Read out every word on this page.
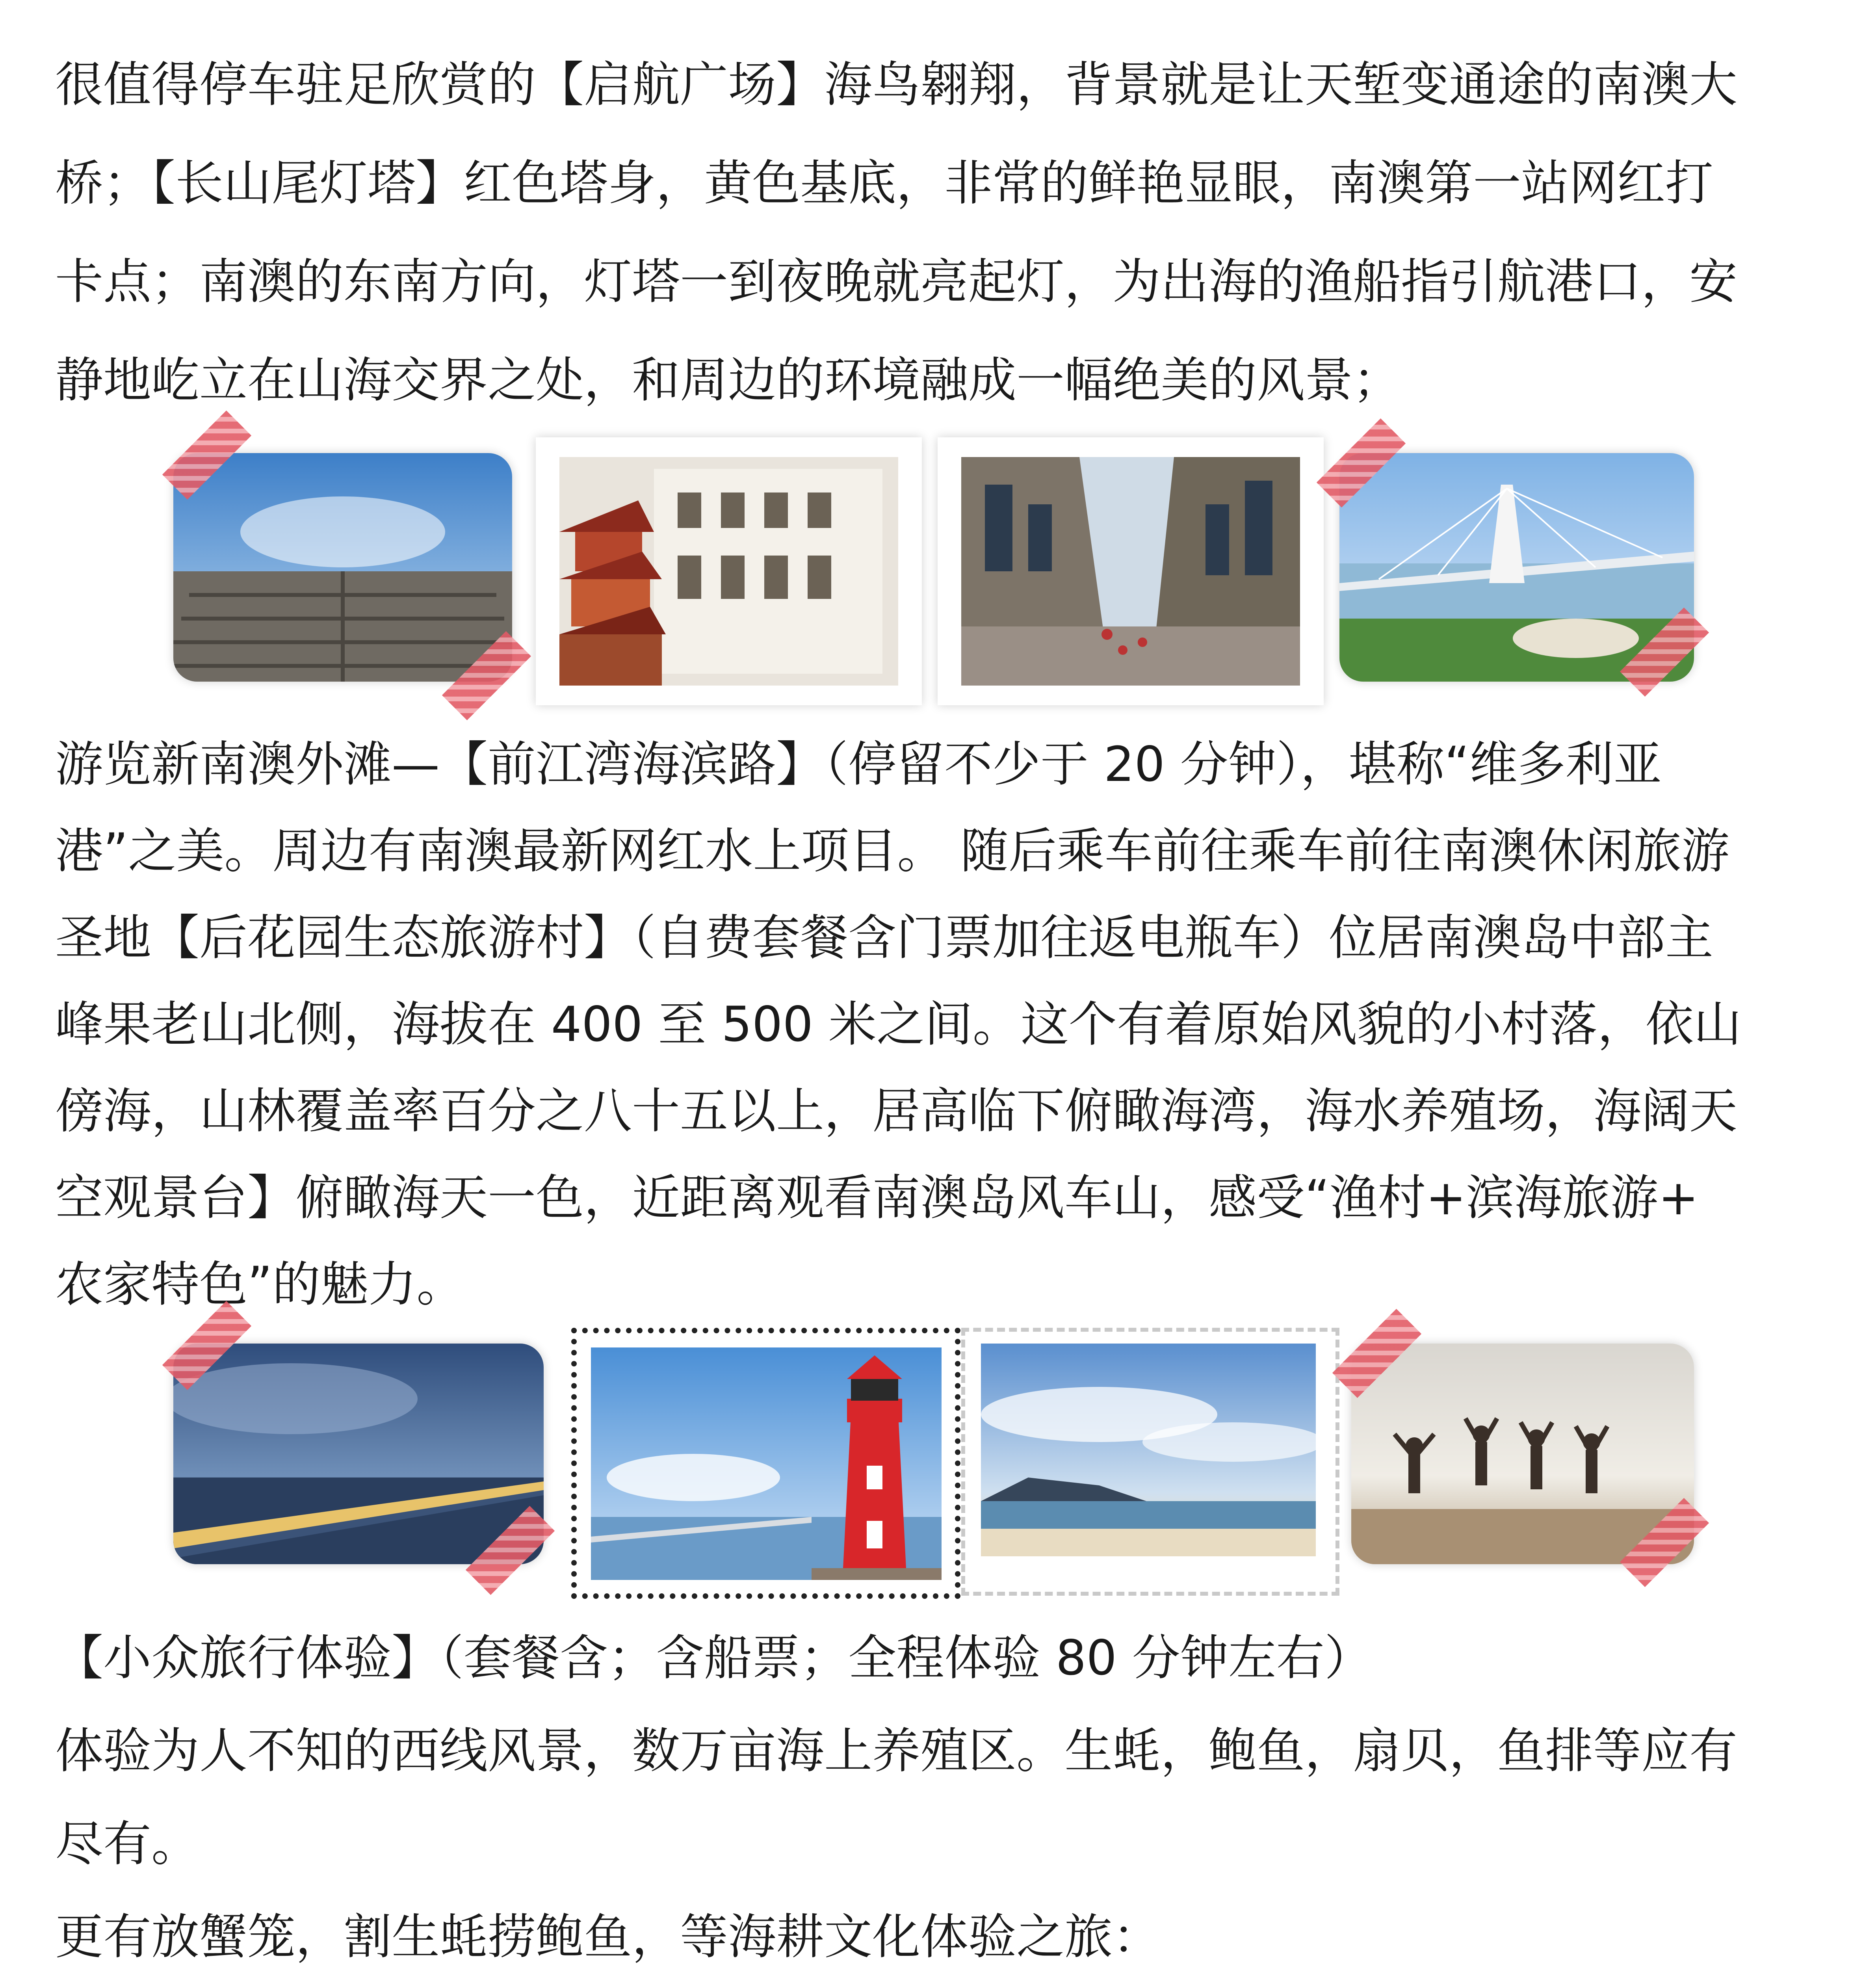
很值得停车驻足欣赏的【启航广场】海鸟翱翔，背景就是让天堑变通途的南澳大
桥；【长山尾灯塔】红色塔身，黄色基底，非常的鲜艳显眼，南澳第一站网红打
卡点；南澳的东南方向，灯塔一到夜晚就亮起灯，为出海的渔船指引航港口，安
静地屹立在山海交界之处，和周边的环境融成一幅绝美的风景；
游览新南澳外滩—【前江湾海滨路】（停留不少于 20 分钟），堪称“维多利亚
港”之美。周边有南澳最新网红水上项目。 随后乘车前往乘车前往南澳休闲旅游
圣地【后花园生态旅游村】（自费套餐含门票加往返电瓶车）位居南澳岛中部主
峰果老山北侧，海拔在 400 至 500 米之间。这个有着原始风貌的小村落，依山
傍海，山林覆盖率百分之八十五以上，居高临下俯瞰海湾，海水养殖场，海阔天
空观景台】俯瞰海天一色，近距离观看南澳岛风车山，感受“渔村+滨海旅游+
农家特色”的魅力。
【小众旅行体验】（套餐含；含船票；全程体验 80 分钟左右）
体验为人不知的西线风景，数万亩海上养殖区。生蚝，鲍鱼，扇贝，鱼排等应有
尽有。
更有放蟹笼，割生蚝捞鲍鱼，等海耕文化体验之旅：
